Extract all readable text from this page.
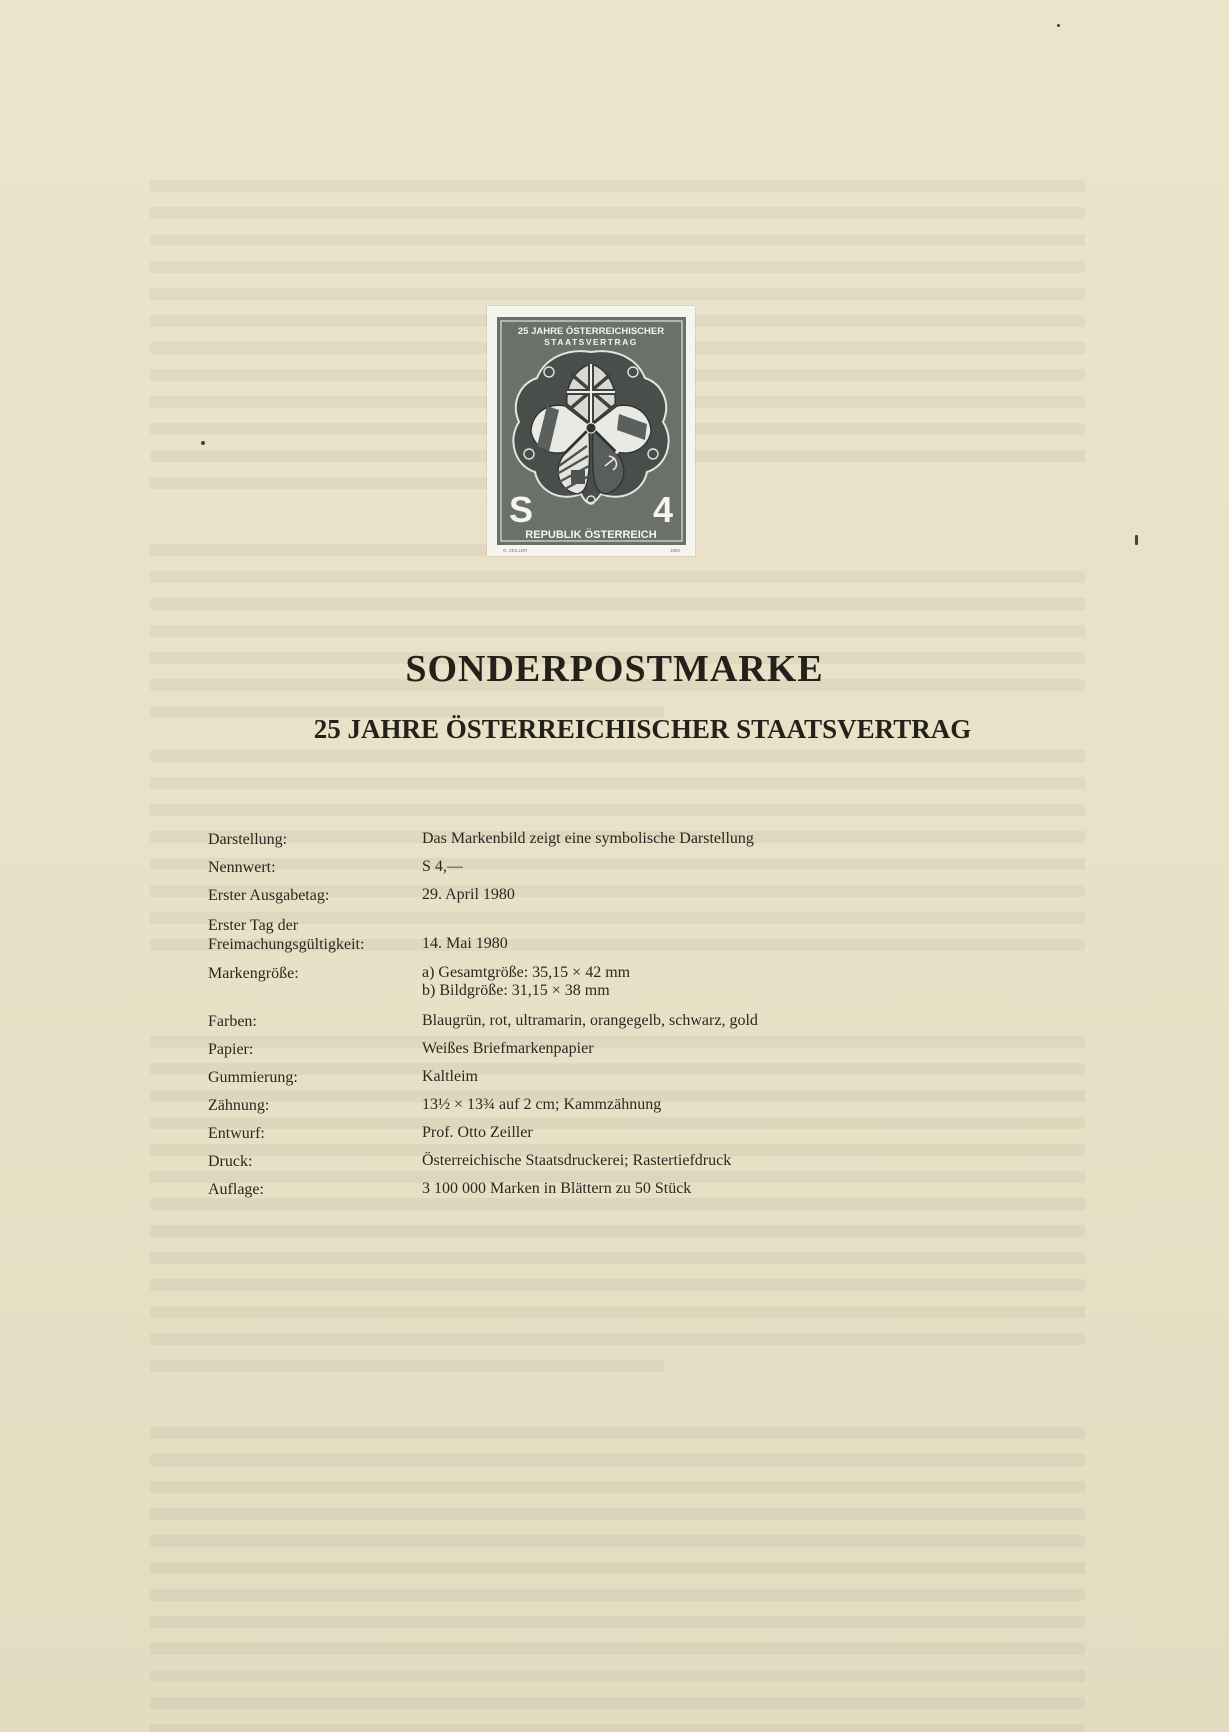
25 JAHRE ÖSTERREICHISCHER
STAATSVERTRAG
S	4
REPUBLIK ÖSTERREICH
O. ZEILLER	1980
SONDERPOSTMARKE
25 JAHRE ÖSTERREICHISCHER STAATSVERTRAG
Darstellung:	Das Markenbild zeigt eine symbolische Darstellung
Nennwert:	S 4,—
Erster Ausgabetag:	29. April 1980
Erster Tag der
Freimachungsgültigkeit:	14. Mai 1980
Markengröße:	a) Gesamtgröße: 35,15 × 42 mm
b) Bildgröße: 31,15 × 38 mm
Farben:	Blaugrün, rot, ultramarin, orangegelb, schwarz, gold
Papier:	Weißes Briefmarkenpapier
Gummierung:	Kaltleim
Zähnung:	13½ × 13¾ auf 2 cm; Kammzähnung
Entwurf:	Prof. Otto Zeiller
Druck:	Österreichische Staatsdruckerei; Rastertiefdruck
Auflage:	3 100 000 Marken in Blättern zu 50 Stück
